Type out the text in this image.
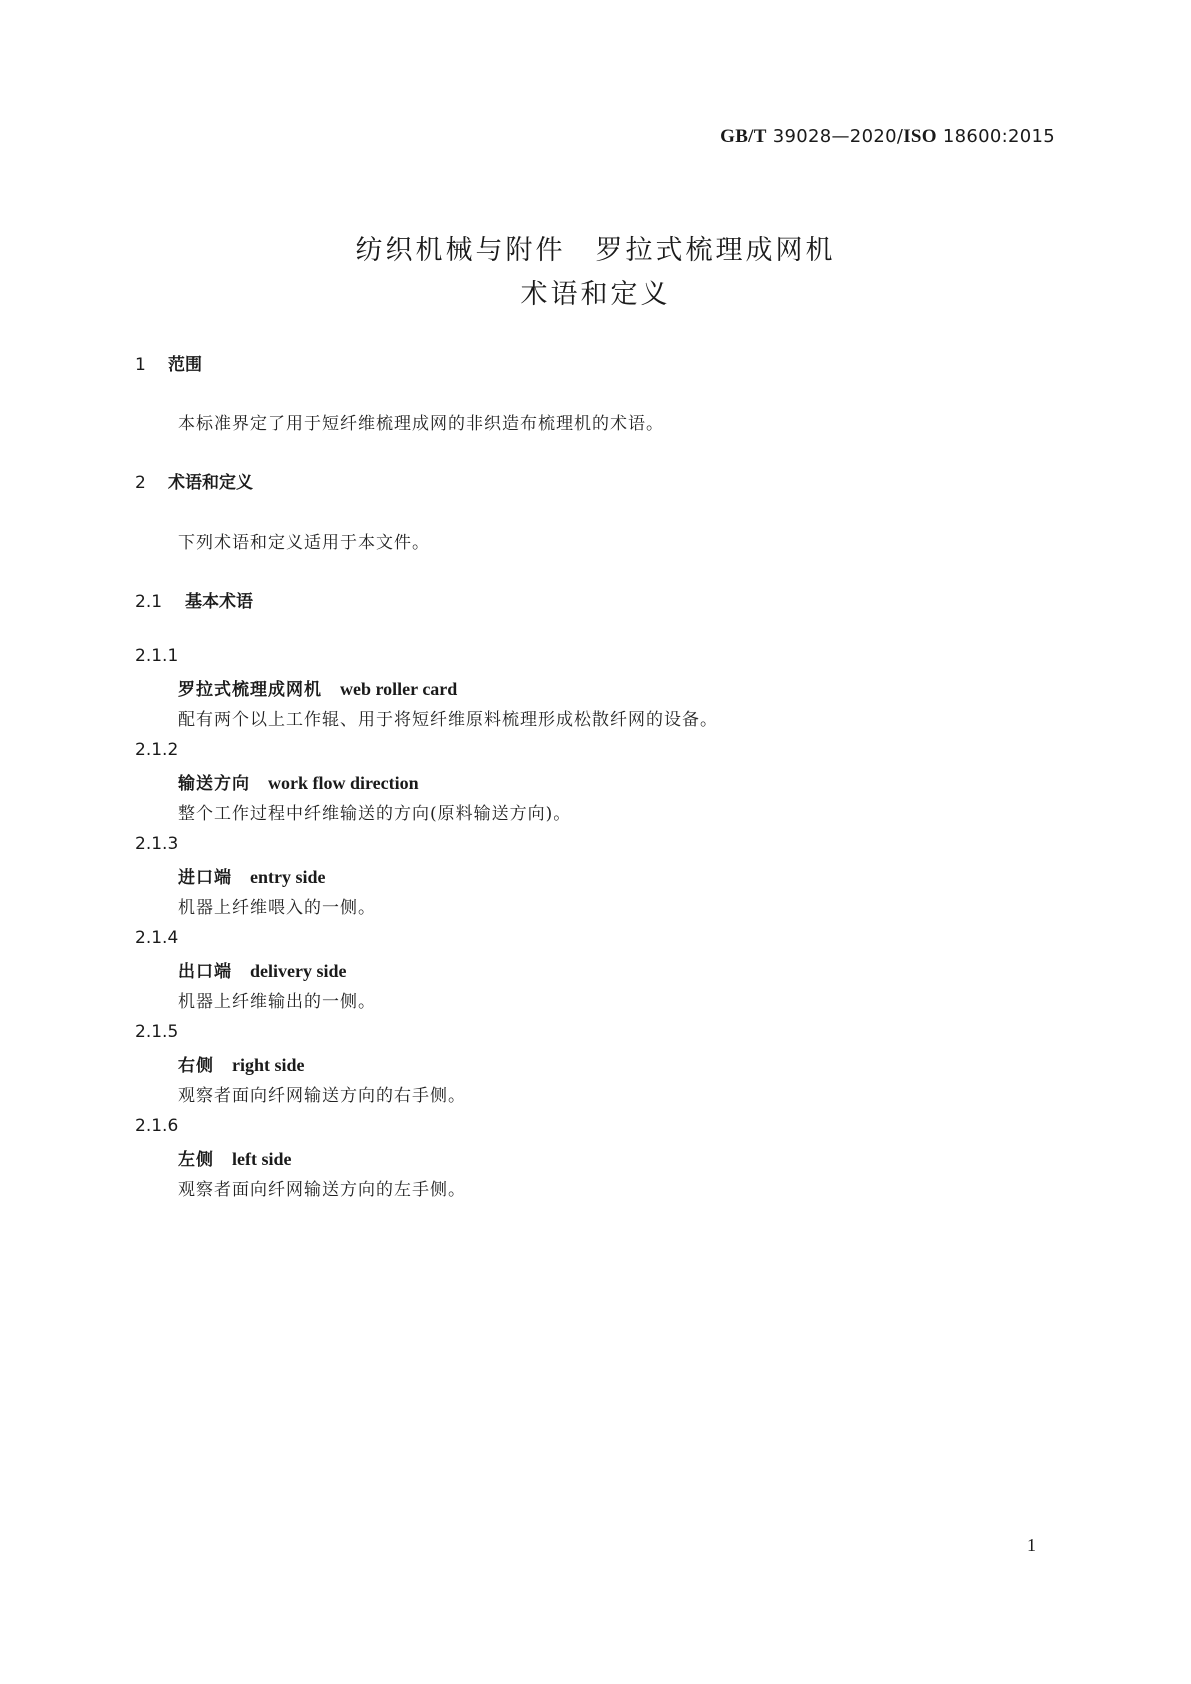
GB/T 39028—2020/ISO 18600:2015
纺织机械与附件　罗拉式梳理成网机
术语和定义
1 范围
本标准界定了用于短纤维梳理成网的非织造布梳理机的术语。
2 术语和定义
下列术语和定义适用于本文件。
2.1 基本术语
2.1.1
罗拉式梳理成网机 web roller card
配有两个以上工作辊、用于将短纤维原料梳理形成松散纤网的设备。
2.1.2
输送方向 work flow direction
整个工作过程中纤维输送的方向(原料输送方向)。
2.1.3
进口端 entry side
机器上纤维喂入的一侧。
2.1.4
出口端 delivery side
机器上纤维输出的一侧。
2.1.5
右侧 right side
观察者面向纤网输送方向的右手侧。
2.1.6
左侧 left side
观察者面向纤网输送方向的左手侧。
1
